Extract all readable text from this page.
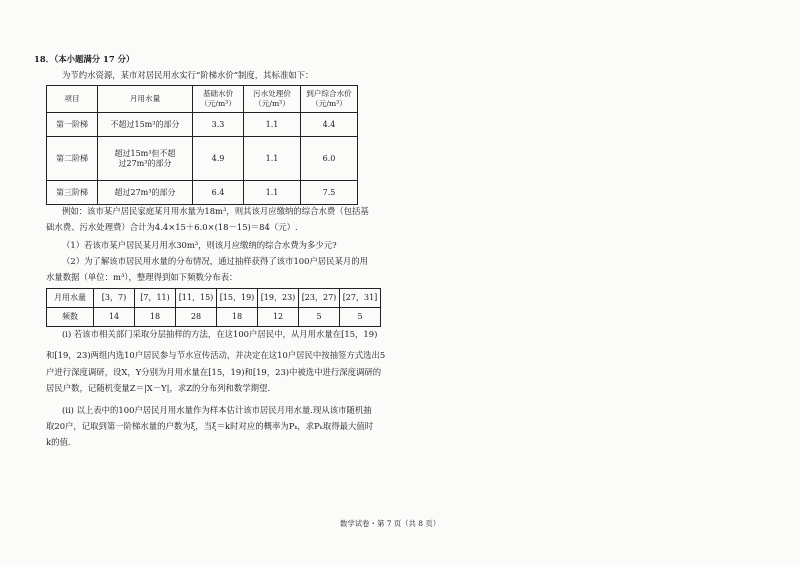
18．（本小题满分 17 分）
为节约水资源，某市对居民用水实行“阶梯水价”制度，其标准如下：
项目	月用水量	基础水价（元/m³）	污水处理价（元/m³）	到户综合水价（元/m³）
第一阶梯	不超过15m³的部分	3.3	1.1	4.4
第二阶梯	超过15m³但不超过27m³的部分	4.9	1.1	6.0
第三阶梯	超过27m³的部分	6.4	1.1	7.5
例如：该市某户居民家庭某月用水量为18m³，则其该月应缴纳的综合水费（包括基
础水费、污水处理费）合计为4.4×15＋6.0×(18－15)＝84（元）.
（1）若该市某户居民某月用水30m³，则该月应缴纳的综合水费为多少元?
（2）为了解该市居民用水量的分布情况，通过抽样获得了该市100户居民某月的用
水量数据（单位：m³），整理得到如下频数分布表：
月用水量	[3，7)	[7，11)	[11，15)	[15，19)	[19，23)	[23，27)	[27，31]
频数	14	18	28	18	12	5	5
(i) 若该市相关部门采取分层抽样的方法，在这100户居民中，从月用水量在[15，19)
和[19，23)两组内选10户居民参与节水宣传活动，并决定在这10户居民中按抽签方式选出5
户进行深度调研，设X，Y分别为月用水量在[15，19)和[19，23)中被选中进行深度调研的
居民户数，记随机变量Z＝|X－Y|，求Z的分布列和数学期望.
(ii) 以上表中的100户居民月用水量作为样本估计该市居民月用水量.现从该市随机抽
取20户，记取到第一阶梯水量的户数为ξ，当ξ＝k时对应的概率为Pₖ，求Pₖ取得最大值时
k的值.
数学试卷・第 7 页（共 8 页）
